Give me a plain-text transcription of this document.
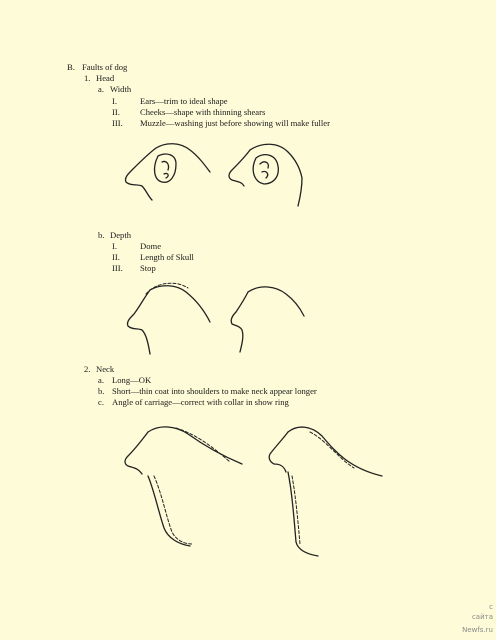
B. Faults of dog
1. Head
a. Width
I.	Ears—trim to ideal shape
II. Cheeks—shape with thinning shears
III. Muzzle—washing just before showing will make fuller
b. Depth
I.	Dome
II. Length of Skull
III. Stop
2. Neck
a. Long—OK
b. Short—thin coat into shoulders to make neck appear longer
c. Angle of carriage—correct with collar in show ring
c
сайта
Newfs.ru
